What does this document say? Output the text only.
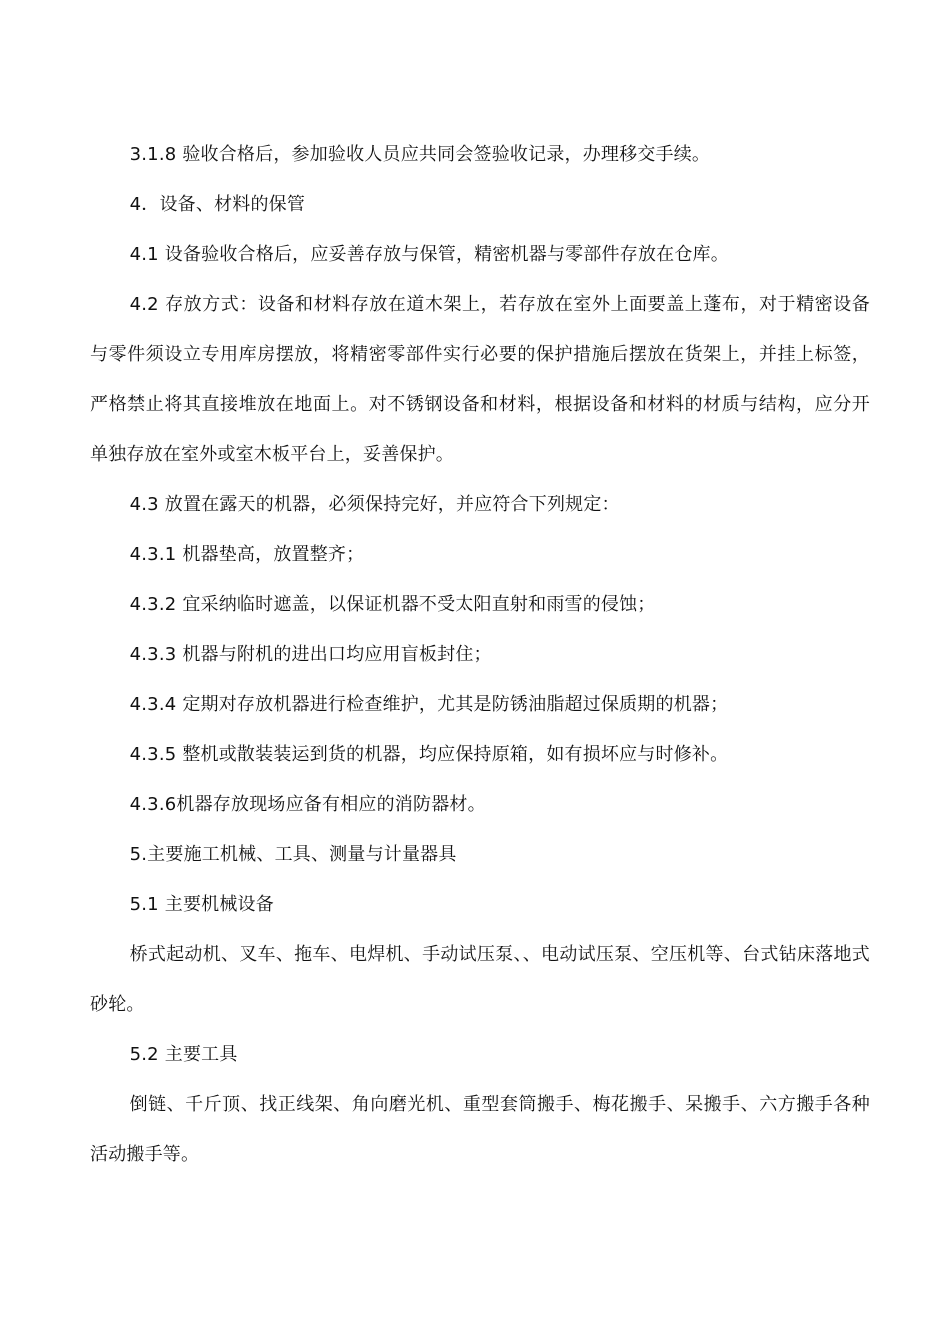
3.1.8 验收合格后，参加验收人员应共同会签验收记录，办理移交手续。

4．设备、材料的保管

4.1 设备验收合格后，应妥善存放与保管，精密机器与零部件存放在仓库。

4.2 存放方式：设备和材料存放在道木架上，若存放在室外上面要盖上蓬布，对于精密设备与零件须设立专用库房摆放，将精密零部件实行必要的保护措施后摆放在货架上，并挂上标签，严格禁止将其直接堆放在地面上。对不锈钢设备和材料，根据设备和材料的材质与结构，应分开单独存放在室外或室木板平台上，妥善保护。

4.3 放置在露天的机器，必须保持完好，并应符合下列规定：

4.3.1 机器垫高，放置整齐；

4.3.2 宜采纳临时遮盖，以保证机器不受太阳直射和雨雪的侵蚀；

4.3.3 机器与附机的进出口均应用盲板封住；

4.3.4 定期对存放机器进行检查维护，尤其是防锈油脂超过保质期的机器；

4.3.5 整机或散装装运到货的机器，均应保持原箱，如有损坏应与时修补。

4.3.6机器存放现场应备有相应的消防器材。

5.主要施工机械、工具、测量与计量器具

5.1 主要机械设备

桥式起动机、叉车、拖车、电焊机、手动试压泵、、电动试压泵、空压机等、台式钻床落地式砂轮。

5.2 主要工具

倒链、千斤顶、找正线架、角向磨光机、重型套筒搬手、梅花搬手、呆搬手、六方搬手各种活动搬手等。
